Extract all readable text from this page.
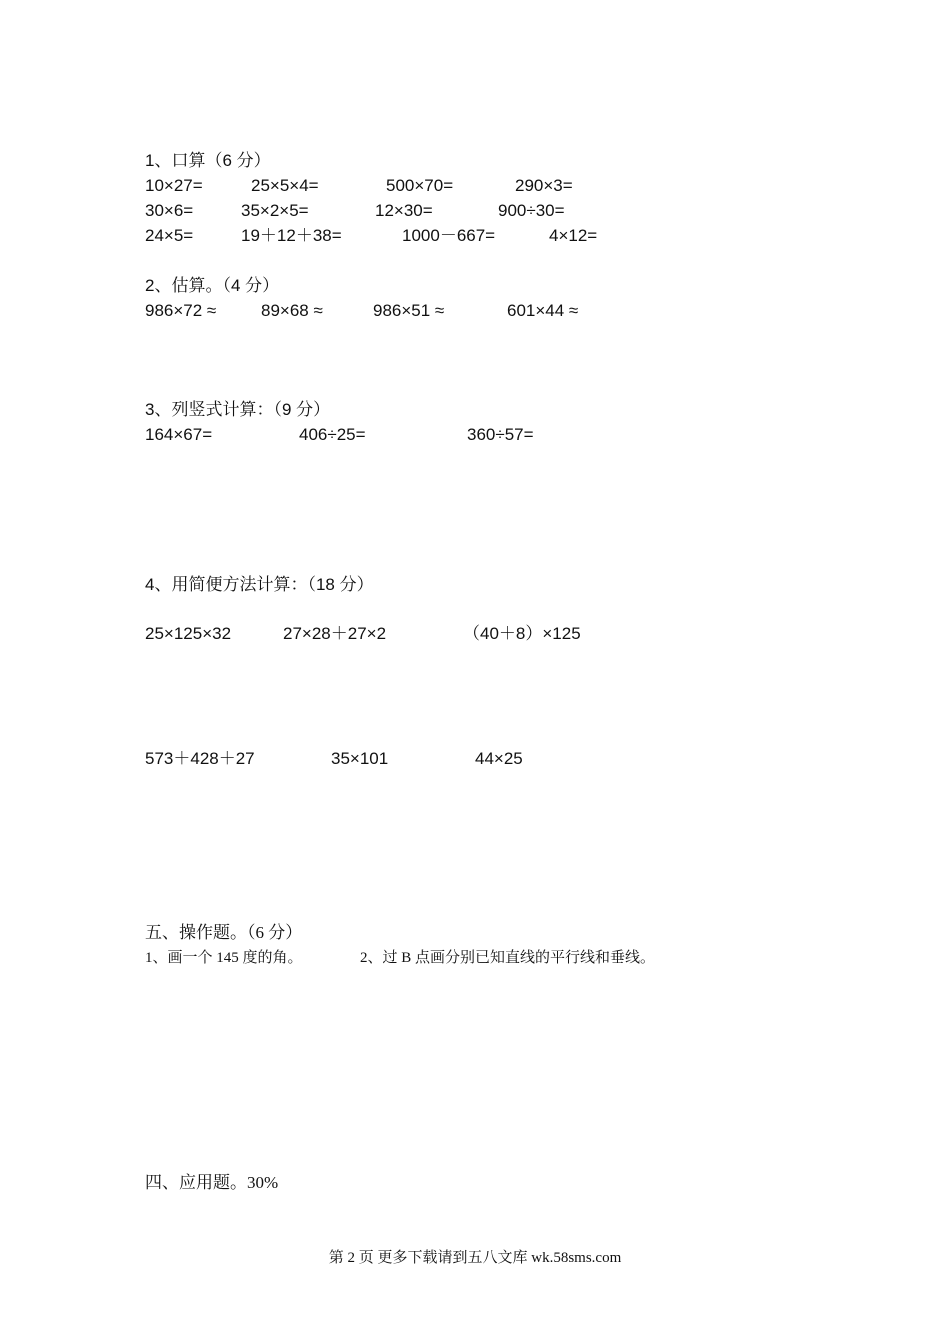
1、口算（6 分）
10×27=	25×5×4=	500×70=	290×3=
30×6=	35×2×5=	12×30=	900÷30=
24×5=	19＋12＋38=	1000－667=	4×12=
2、估算。（4 分）
986×72 ≈	89×68 ≈	986×51 ≈	601×44 ≈
3、列竖式计算：（9 分）
164×67=	406÷25=	360÷57=
4、用简便方法计算：（18 分）
25×125×32	27×28＋27×2	（40＋8）×125
573＋428＋27	35×101	44×25
五、操作题。（6 分）
1、画一个 145 度的角。	2、过 B 点画分别已知直线的平行线和垂线。
四、应用题。30%
第 2 页 更多下载请到五八文库 wk.58sms.com
